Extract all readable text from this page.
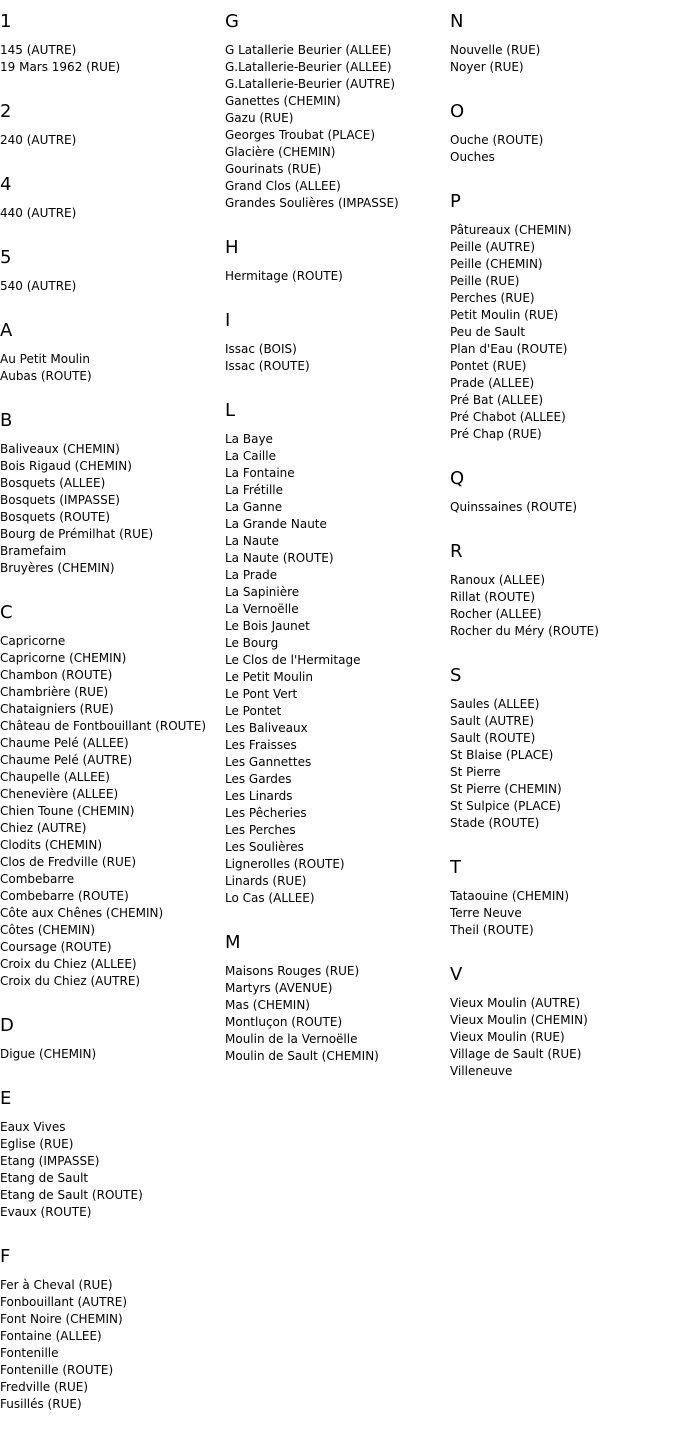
1
145 (AUTRE)
19 Mars 1962 (RUE)
2
240 (AUTRE)
4
440 (AUTRE)
5
540 (AUTRE)
A
Au Petit Moulin
Aubas (ROUTE)
B
Baliveaux (CHEMIN)
Bois Rigaud (CHEMIN)
Bosquets (ALLEE)
Bosquets (IMPASSE)
Bosquets (ROUTE)
Bourg de Prémilhat (RUE)
Bramefaim
Bruyères (CHEMIN)
C
Capricorne
Capricorne (CHEMIN)
Chambon (ROUTE)
Chambrière (RUE)
Chataigniers (RUE)
Château de Fontbouillant (ROUTE)
Chaume Pelé (ALLEE)
Chaume Pelé (AUTRE)
Chaupelle (ALLEE)
Chenevière (ALLEE)
Chien Toune (CHEMIN)
Chiez (AUTRE)
Clodits (CHEMIN)
Clos de Fredville (RUE)
Combebarre
Combebarre (ROUTE)
Côte aux Chênes (CHEMIN)
Côtes (CHEMIN)
Coursage (ROUTE)
Croix du Chiez (ALLEE)
Croix du Chiez (AUTRE)
D
Digue (CHEMIN)
E
Eaux Vives
Eglise (RUE)
Etang (IMPASSE)
Etang de Sault
Etang de Sault (ROUTE)
Evaux (ROUTE)
F
Fer à Cheval (RUE)
Fonbouillant (AUTRE)
Font Noire (CHEMIN)
Fontaine (ALLEE)
Fontenille
Fontenille (ROUTE)
Fredville (RUE)
Fusillés (RUE)
G
G Latallerie Beurier (ALLEE)
G.Latallerie-Beurier (ALLEE)
G.Latallerie-Beurier (AUTRE)
Ganettes (CHEMIN)
Gazu (RUE)
Georges Troubat (PLACE)
Glacière (CHEMIN)
Gourinats (RUE)
Grand Clos (ALLEE)
Grandes Soulières (IMPASSE)
H
Hermitage (ROUTE)
I
Issac (BOIS)
Issac (ROUTE)
L
La Baye
La Caille
La Fontaine
La Frétille
La Ganne
La Grande Naute
La Naute
La Naute (ROUTE)
La Prade
La Sapinière
La Vernoëlle
Le Bois Jaunet
Le Bourg
Le Clos de l'Hermitage
Le Petit Moulin
Le Pont Vert
Le Pontet
Les Baliveaux
Les Fraisses
Les Gannettes
Les Gardes
Les Linards
Les Pêcheries
Les Perches
Les Soulières
Lignerolles (ROUTE)
Linards (RUE)
Lo Cas (ALLEE)
M
Maisons Rouges (RUE)
Martyrs (AVENUE)
Mas (CHEMIN)
Montluçon (ROUTE)
Moulin de la Vernoëlle
Moulin de Sault (CHEMIN)
N
Nouvelle (RUE)
Noyer (RUE)
O
Ouche (ROUTE)
Ouches
P
Pâtureaux (CHEMIN)
Peille (AUTRE)
Peille (CHEMIN)
Peille (RUE)
Perches (RUE)
Petit Moulin (RUE)
Peu de Sault
Plan d'Eau (ROUTE)
Pontet (RUE)
Prade (ALLEE)
Pré Bat (ALLEE)
Pré Chabot (ALLEE)
Pré Chap (RUE)
Q
Quinssaines (ROUTE)
R
Ranoux (ALLEE)
Rillat (ROUTE)
Rocher (ALLEE)
Rocher du Méry (ROUTE)
S
Saules (ALLEE)
Sault (AUTRE)
Sault (ROUTE)
St Blaise (PLACE)
St Pierre
St Pierre (CHEMIN)
St Sulpice (PLACE)
Stade (ROUTE)
T
Tataouine (CHEMIN)
Terre Neuve
Theil (ROUTE)
V
Vieux Moulin (AUTRE)
Vieux Moulin (CHEMIN)
Vieux Moulin (RUE)
Village de Sault (RUE)
Villeneuve
